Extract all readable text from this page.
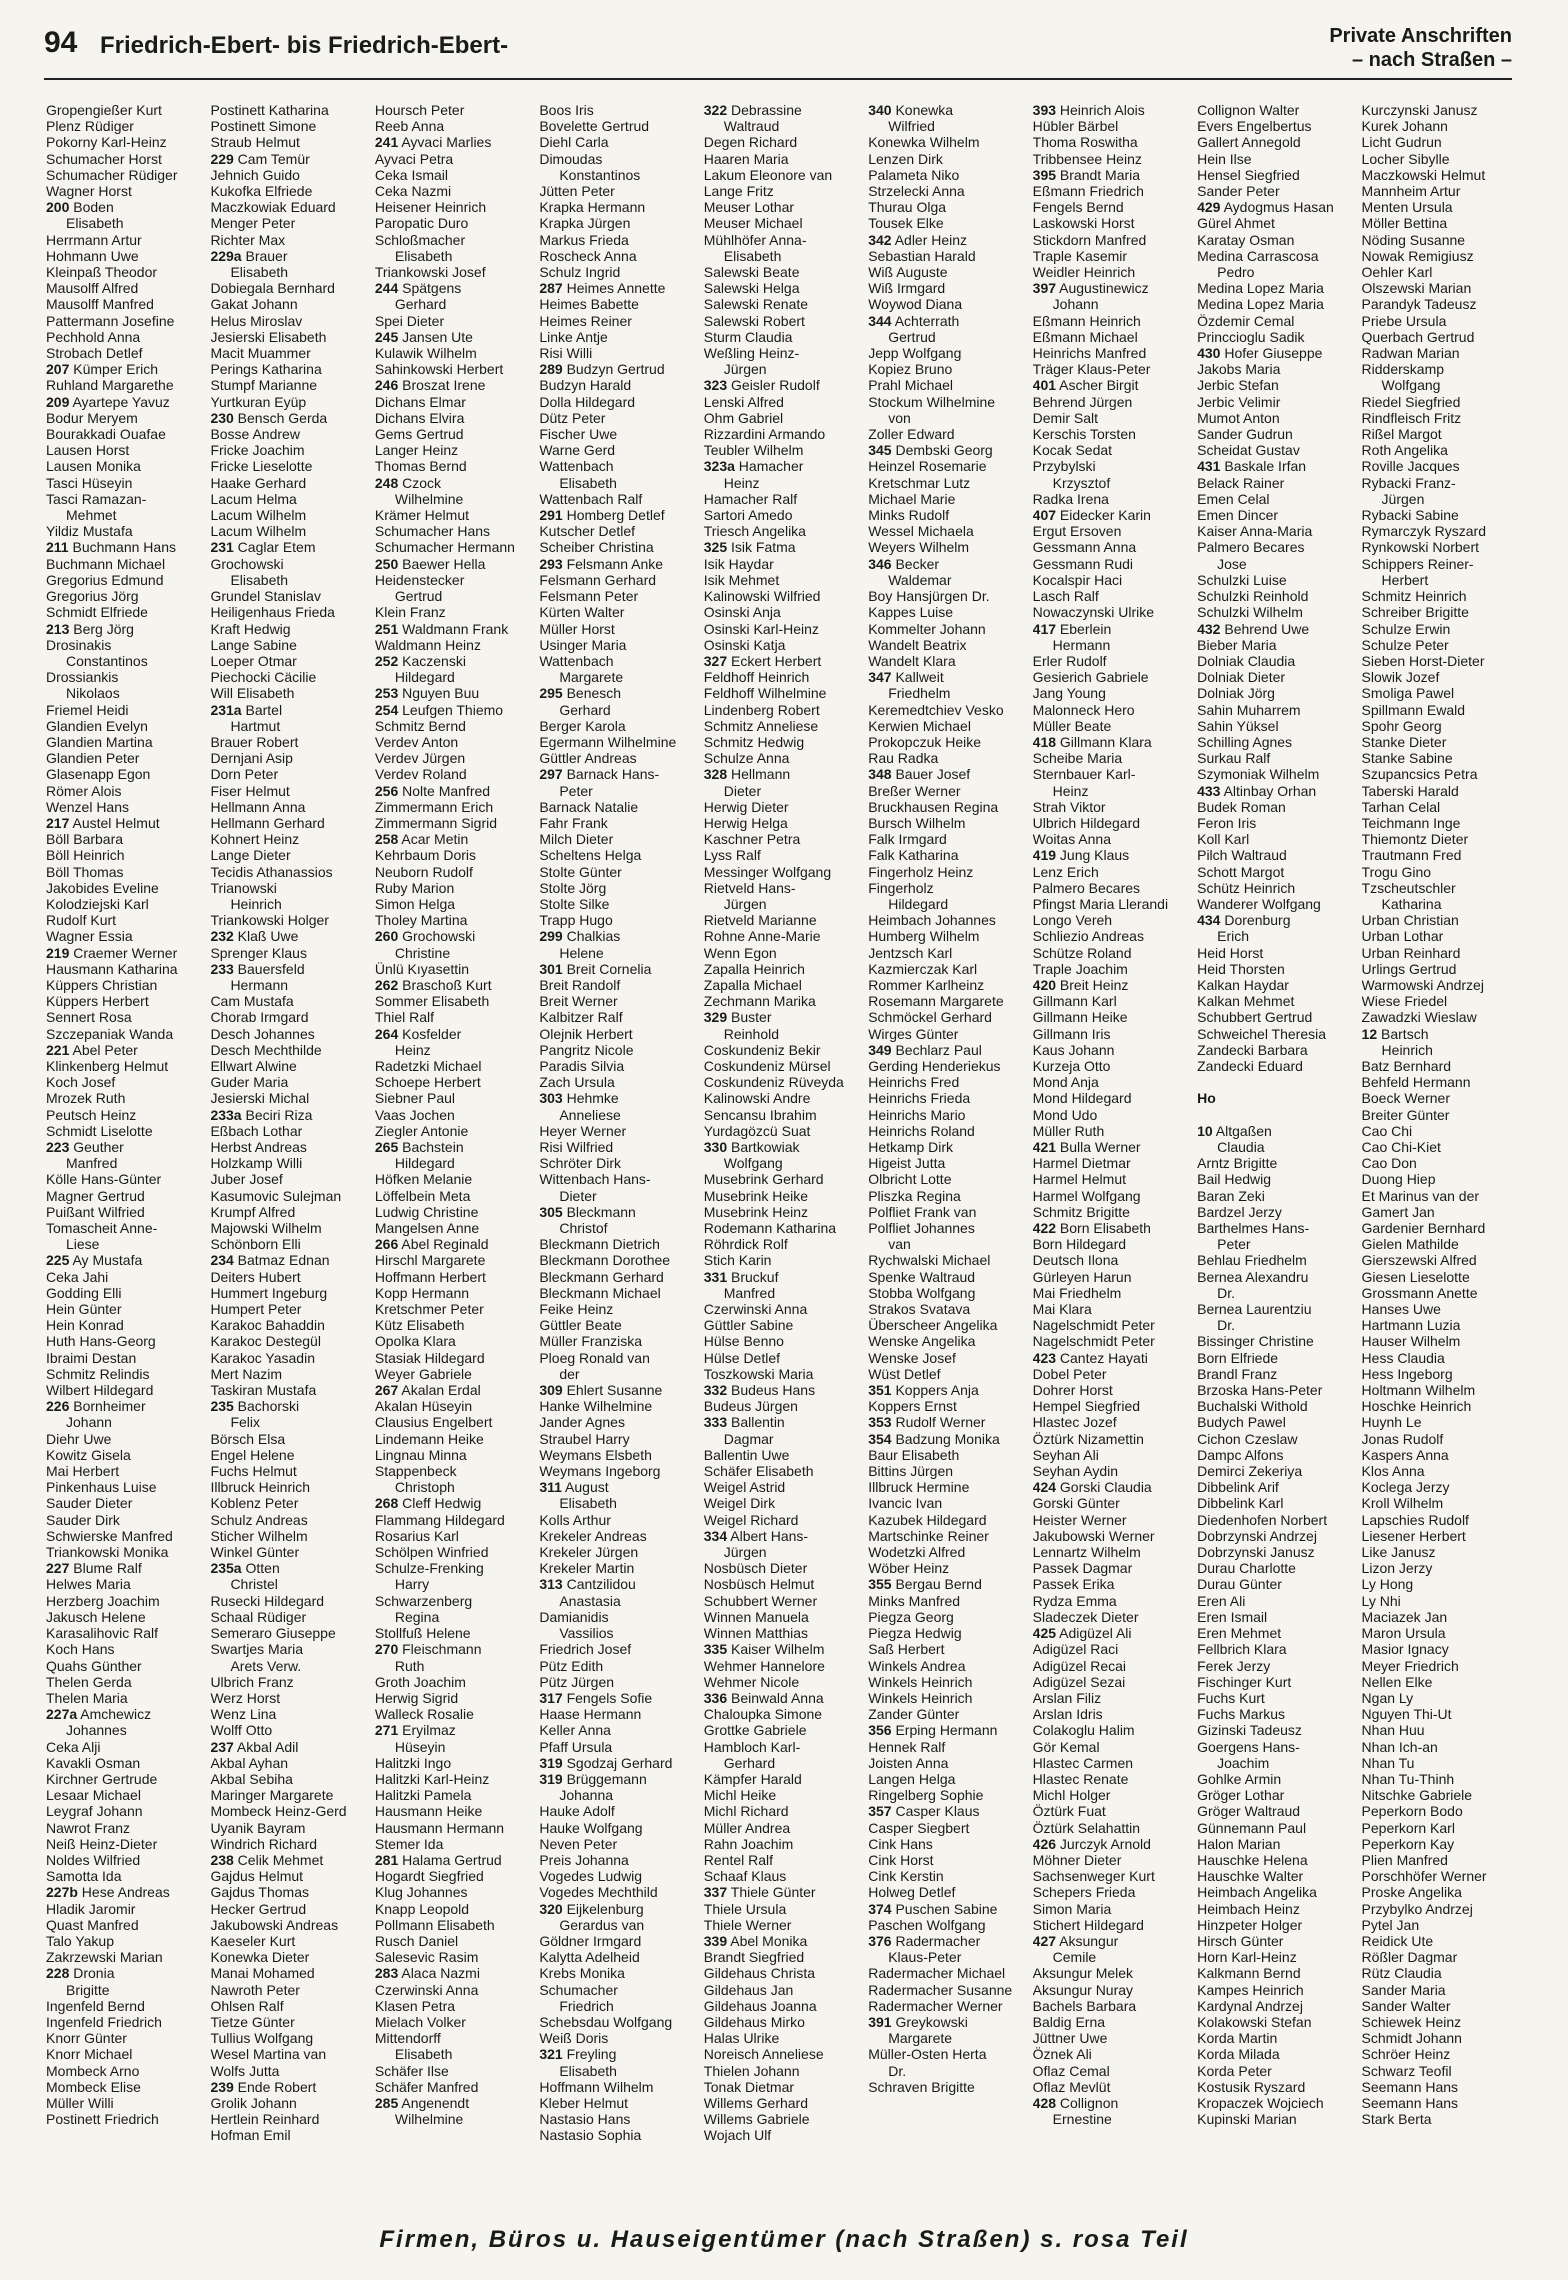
94 Friedrich-Ebert- bis Friedrich-Ebert-	Private Anschriften
– nach Straßen –
Gropengießer Kurt
Plenz Rüdiger
Pokorny Karl-Heinz
Schumacher Horst
Schumacher Rüdiger
Wagner Horst
200 Boden
Elisabeth
Herrmann Artur
Hohmann Uwe
Kleinpaß Theodor
Mausolff Alfred
Mausolff Manfred
Pattermann Josefine
Pechhold Anna
Strobach Detlef
207 Kümper Erich
Ruhland Margarethe
209 Ayartepe Yavuz
Bodur Meryem
Bourakkadi Ouafae
Lausen Horst
Lausen Monika
Tasci Hüseyin
Tasci Ramazan-
Mehmet
Yildiz Mustafa
211 Buchmann Hans
Buchmann Michael
Gregorius Edmund
Gregorius Jörg
Schmidt Elfriede
213 Berg Jörg
Drosinakis
Constantinos
Drossiankis
Nikolaos
Friemel Heidi
Glandien Evelyn
Glandien Martina
Glandien Peter
Glasenapp Egon
Römer Alois
Wenzel Hans
217 Austel Helmut
Böll Barbara
Böll Heinrich
Böll Thomas
Jakobides Eveline
Kolodziejski Karl
Rudolf Kurt
Wagner Essia
219 Craemer Werner
Hausmann Katharina
Küppers Christian
Küppers Herbert
Sennert Rosa
Szczepaniak Wanda
221 Abel Peter
Klinkenberg Helmut
Koch Josef
Mrozek Ruth
Peutsch Heinz
Schmidt Liselotte
223 Geuther
Manfred
Kölle Hans-Günter
Magner Gertrud
Puißant Wilfried
Tomascheit Anne-
Liese
225 Ay Mustafa
Ceka Jahi
Godding Elli
Hein Günter
Hein Konrad
Huth Hans-Georg
Ibraimi Destan
Schmitz Relindis
Wilbert Hildegard
226 Bornheimer
Johann
Diehr Uwe
Kowitz Gisela
Mai Herbert
Pinkenhaus Luise
Sauder Dieter
Sauder Dirk
Schwierske Manfred
Triankowski Monika
227 Blume Ralf
Helwes Maria
Herzberg Joachim
Jakusch Helene
Karasalihovic Ralf
Koch Hans
Quahs Günther
Thelen Gerda
Thelen Maria
227a Amchewicz
Johannes
Ceka Alji
Kavakli Osman
Kirchner Gertrude
Lesaar Michael
Leygraf Johann
Nawrot Franz
Neiß Heinz-Dieter
Noldes Wilfried
Samotta Ida
227b Hese Andreas
Hladik Jaromir
Quast Manfred
Talo Yakup
Zakrzewski Marian
228 Dronia
Brigitte
Ingenfeld Bernd
Ingenfeld Friedrich
Knorr Günter
Knorr Michael
Mombeck Arno
Mombeck Elise
Müller Willi
Postinett Friedrich
Postinett Katharina
Postinett Simone
Straub Helmut
229 Cam Temür
Jehnich Guido
Kukofka Elfriede
Maczkowiak Eduard
Menger Peter
Richter Max
229a Brauer
Elisabeth
Dobiegala Bernhard
Gakat Johann
Helus Miroslav
Jesierski Elisabeth
Macit Muammer
Perings Katharina
Stumpf Marianne
Yurtkuran Eyüp
230 Bensch Gerda
Bosse Andrew
Fricke Joachim
Fricke Lieselotte
Haake Gerhard
Lacum Helma
Lacum Wilhelm
Lacum Wilhelm
231 Caglar Etem
Grochowski
Elisabeth
Grundel Stanislav
Heiligenhaus Frieda
Kraft Hedwig
Lange Sabine
Loeper Otmar
Piechocki Cäcilie
Will Elisabeth
231a Bartel
Hartmut
Brauer Robert
Dernjani Asip
Dorn Peter
Fiser Helmut
Hellmann Anna
Hellmann Gerhard
Kohnert Heinz
Lange Dieter
Tecidis Athanassios
Trianowski
Heinrich
Triankowski Holger
232 Klaß Uwe
Sprenger Klaus
233 Bauersfeld
Hermann
Cam Mustafa
Chorab Irmgard
Desch Johannes
Desch Mechthilde
Ellwart Alwine
Guder Maria
Jesierski Michal
233a Beciri Riza
Eßbach Lothar
Herbst Andreas
Holzkamp Willi
Juber Josef
Kasumovic Sulejman
Krumpf Alfred
Majowski Wilhelm
Schönborn Elli
234 Batmaz Ednan
Deiters Hubert
Hummert Ingeburg
Humpert Peter
Karakoc Bahaddin
Karakoc Destegül
Karakoc Yasadin
Mert Nazim
Taskiran Mustafa
235 Bachorski
Felix
Börsch Elsa
Engel Helene
Fuchs Helmut
Illbruck Heinrich
Koblenz Peter
Schulz Andreas
Sticher Wilhelm
Winkel Günter
235a Otten
Christel
Rusecki Hildegard
Schaal Rüdiger
Semeraro Giuseppe
Swartjes Maria
Arets Verw.
Ulbrich Franz
Werz Horst
Wenz Lina
Wolff Otto
237 Akbal Adil
Akbal Ayhan
Akbal Sebiha
Maringer Margarete
Mombeck Heinz-Gerd
Uyanik Bayram
Windrich Richard
238 Celik Mehmet
Gajdus Helmut
Gajdus Thomas
Hecker Gertrud
Jakubowski Andreas
Kaeseler Kurt
Konewka Dieter
Manai Mohamed
Nawroth Peter
Ohlsen Ralf
Tietze Günter
Tullius Wolfgang
Wesel Martina van
Wolfs Jutta
239 Ende Robert
Grolik Johann
Hertlein Reinhard
Hofman Emil
Hoursch Peter
Reeb Anna
241 Ayvaci Marlies
Ayvaci Petra
Ceka Ismail
Ceka Nazmi
Heisener Heinrich
Paropatic Duro
Schloßmacher
Elisabeth
Triankowski Josef
244 Spätgens
Gerhard
Spei Dieter
245 Jansen Ute
Kulawik Wilhelm
Sahinkowski Herbert
246 Broszat Irene
Dichans Elmar
Dichans Elvira
Gems Gertrud
Langer Heinz
Thomas Bernd
248 Czock
Wilhelmine
Krämer Helmut
Schumacher Hans
Schumacher Hermann
250 Baewer Hella
Heidenstecker
Gertrud
Klein Franz
251 Waldmann Frank
Waldmann Heinz
252 Kaczenski
Hildegard
253 Nguyen Buu
254 Leufgen Thiemo
Schmitz Bernd
Verdev Anton
Verdev Jürgen
Verdev Roland
256 Nolte Manfred
Zimmermann Erich
Zimmermann Sigrid
258 Acar Metin
Kehrbaum Doris
Neuborn Rudolf
Ruby Marion
Simon Helga
Tholey Martina
260 Grochowski
Christine
Ünlü Kıyasettin
262 Braschoß Kurt
Sommer Elisabeth
Thiel Ralf
264 Kosfelder
Heinz
Radetzki Michael
Schoepe Herbert
Siebner Paul
Vaas Jochen
Ziegler Antonie
265 Bachstein
Hildegard
Höfken Melanie
Löffelbein Meta
Ludwig Christine
Mangelsen Anne
266 Abel Reginald
Hirschl Margarete
Hoffmann Herbert
Kopp Hermann
Kretschmer Peter
Kütz Elisabeth
Opolka Klara
Stasiak Hildegard
Weyer Gabriele
267 Akalan Erdal
Akalan Hüseyin
Clausius Engelbert
Lindemann Heike
Lingnau Minna
Stappenbeck
Christoph
268 Cleff Hedwig
Flammang Hildegard
Rosarius Karl
Schölpen Winfried
Schulze-Frenking
Harry
Schwarzenberg
Regina
Stollfuß Helene
270 Fleischmann
Ruth
Groth Joachim
Herwig Sigrid
Walleck Rosalie
271 Eryilmaz
Hüseyin
Halitzki Ingo
Halitzki Karl-Heinz
Halitzki Pamela
Hausmann Heike
Hausmann Hermann
Stemer Ida
281 Halama Gertrud
Hogardt Siegfried
Klug Johannes
Knapp Leopold
Pollmann Elisabeth
Rusch Daniel
Salesevic Rasim
283 Alaca Nazmi
Czerwinski Anna
Klasen Petra
Mielach Volker
Mittendorff
Elisabeth
Schäfer Ilse
Schäfer Manfred
285 Angenendt
Wilhelmine
Boos Iris
Bovelette Gertrud
Diehl Carla
Dimoudas
Konstantinos
Jütten Peter
Krapka Hermann
Krapka Jürgen
Markus Frieda
Roscheck Anna
Schulz Ingrid
287 Heimes Annette
Heimes Babette
Heimes Reiner
Linke Antje
Risi Willi
289 Budzyn Gertrud
Budzyn Harald
Dolla Hildegard
Dütz Peter
Fischer Uwe
Warne Gerd
Wattenbach
Elisabeth
Wattenbach Ralf
291 Homberg Detlef
Kutscher Detlef
Scheiber Christina
293 Felsmann Anke
Felsmann Gerhard
Felsmann Peter
Kürten Walter
Müller Horst
Usinger Maria
Wattenbach
Margarete
295 Benesch
Gerhard
Berger Karola
Egermann Wilhelmine
Güttler Andreas
297 Barnack Hans-
Peter
Barnack Natalie
Fahr Frank
Milch Dieter
Scheltens Helga
Stolte Günter
Stolte Jörg
Stolte Silke
Trapp Hugo
299 Chalkias
Helene
301 Breit Cornelia
Breit Randolf
Breit Werner
Kalbitzer Ralf
Olejnik Herbert
Pangritz Nicole
Paradis Silvia
Zach Ursula
303 Hehmke
Anneliese
Heyer Werner
Risi Wilfried
Schröter Dirk
Wittenbach Hans-
Dieter
305 Bleckmann
Christof
Bleckmann Dietrich
Bleckmann Dorothee
Bleckmann Gerhard
Bleckmann Michael
Feike Heinz
Güttler Beate
Müller Franziska
Ploeg Ronald van
der
309 Ehlert Susanne
Hanke Wilhelmine
Jander Agnes
Straubel Harry
Weymans Elsbeth
Weymans Ingeborg
311 August
Elisabeth
Kolls Arthur
Krekeler Andreas
Krekeler Jürgen
Krekeler Martin
313 Cantzilidou
Anastasia
Damianidis
Vassilios
Friedrich Josef
Pütz Edith
Pütz Jürgen
317 Fengels Sofie
Haase Hermann
Keller Anna
Pfaff Ursula
319 Sgodzaj Gerhard
319 Brüggemann
Johanna
Hauke Adolf
Hauke Wolfgang
Neven Peter
Preis Johanna
Vogedes Ludwig
Vogedes Mechthild
320 Eijkelenburg
Gerardus van
Göldner Irmgard
Kalytta Adelheid
Krebs Monika
Schumacher
Friedrich
Schebsdau Wolfgang
Weiß Doris
321 Freyling
Elisabeth
Hoffmann Wilhelm
Kleber Helmut
Nastasio Hans
Nastasio Sophia
322 Debrassine
Waltraud
Degen Richard
Haaren Maria
Lakum Eleonore van
Lange Fritz
Meuser Lothar
Meuser Michael
Mühlhöfer Anna-
Elisabeth
Salewski Beate
Salewski Helga
Salewski Renate
Salewski Robert
Sturm Claudia
Weßling Heinz-
Jürgen
323 Geisler Rudolf
Lenski Alfred
Ohm Gabriel
Rizzardini Armando
Teubler Wilhelm
323a Hamacher
Heinz
Hamacher Ralf
Sartori Amedo
Triesch Angelika
325 Isik Fatma
Isik Haydar
Isik Mehmet
Kalinowski Wilfried
Osinski Anja
Osinski Karl-Heinz
Osinski Katja
327 Eckert Herbert
Feldhoff Heinrich
Feldhoff Wilhelmine
Lindenberg Robert
Schmitz Anneliese
Schmitz Hedwig
Schulze Anna
328 Hellmann
Dieter
Herwig Dieter
Herwig Helga
Kaschner Petra
Lyss Ralf
Messinger Wolfgang
Rietveld Hans-
Jürgen
Rietveld Marianne
Rohne Anne-Marie
Wenn Egon
Zapalla Heinrich
Zapalla Michael
Zechmann Marika
329 Buster
Reinhold
Coskundeniz Bekir
Coskundeniz Mürsel
Coskundeniz Rüveyda
Kalinowski Andre
Sencansu Ibrahim
Yurdagözcü Suat
330 Bartkowiak
Wolfgang
Musebrink Gerhard
Musebrink Heike
Musebrink Heinz
Rodemann Katharina
Röhrdick Rolf
Stich Karin
331 Bruckuf
Manfred
Czerwinski Anna
Güttler Sabine
Hülse Benno
Hülse Detlef
Toszkowski Maria
332 Budeus Hans
Budeus Jürgen
333 Ballentin
Dagmar
Ballentin Uwe
Schäfer Elisabeth
Weigel Astrid
Weigel Dirk
Weigel Richard
334 Albert Hans-
Jürgen
Nosbüsch Dieter
Nosbüsch Helmut
Schubbert Werner
Winnen Manuela
Winnen Matthias
335 Kaiser Wilhelm
Wehmer Hannelore
Wehmer Nicole
336 Beinwald Anna
Chaloupka Simone
Grottke Gabriele
Hambloch Karl-
Gerhard
Kämpfer Harald
Michl Heike
Michl Richard
Müller Andrea
Rahn Joachim
Rentel Ralf
Schaaf Klaus
337 Thiele Günter
Thiele Ursula
Thiele Werner
339 Abel Monika
Brandt Siegfried
Gildehaus Christa
Gildehaus Jan
Gildehaus Joanna
Gildehaus Mirko
Halas Ulrike
Noreisch Anneliese
Thielen Johann
Tonak Dietmar
Willems Gerhard
Willems Gabriele
Wojach Ulf
340 Konewka
Wilfried
Konewka Wilhelm
Lenzen Dirk
Palameta Niko
Strzelecki Anna
Thurau Olga
Tousek Elke
342 Adler Heinz
Sebastian Harald
Wiß Auguste
Wiß Irmgard
Woywod Diana
344 Achterrath
Gertrud
Jepp Wolfgang
Kopiez Bruno
Prahl Michael
Stockum Wilhelmine
von
Zoller Edward
345 Dembski Georg
Heinzel Rosemarie
Kretschmar Lutz
Michael Marie
Minks Rudolf
Wessel Michaela
Weyers Wilhelm
346 Becker
Waldemar
Boy Hansjürgen Dr.
Kappes Luise
Kommelter Johann
Wandelt Beatrix
Wandelt Klara
347 Kallweit
Friedhelm
Keremedtchiev Vesko
Kerwien Michael
Prokopczuk Heike
Rau Radka
348 Bauer Josef
Breßer Werner
Bruckhausen Regina
Bursch Wilhelm
Falk Irmgard
Falk Katharina
Fingerholz Heinz
Fingerholz
Hildegard
Heimbach Johannes
Humberg Wilhelm
Jentzsch Karl
Kazmierczak Karl
Rommer Karlheinz
Rosemann Margarete
Schmöckel Gerhard
Wirges Günter
349 Bechlarz Paul
Gerding Henderiekus
Heinrichs Fred
Heinrichs Frieda
Heinrichs Mario
Heinrichs Roland
Hetkamp Dirk
Higeist Jutta
Olbricht Lotte
Pliszka Regina
Polfliet Frank van
Polfliet Johannes
van
Rychwalski Michael
Spenke Waltraud
Stobba Wolfgang
Strakos Svatava
Überscheer Angelika
Wenske Angelika
Wenske Josef
Wüst Detlef
351 Koppers Anja
Koppers Ernst
353 Rudolf Werner
354 Badzung Monika
Baur Elisabeth
Bittins Jürgen
Illbruck Hermine
Ivancic Ivan
Kazubek Hildegard
Martschinke Reiner
Wodetzki Alfred
Wöber Heinz
355 Bergau Bernd
Minks Manfred
Piegza Georg
Piegza Hedwig
Saß Herbert
Winkels Andrea
Winkels Heinrich
Winkels Heinrich
Zander Günter
356 Erping Hermann
Hennek Ralf
Joisten Anna
Langen Helga
Ringelberg Sophie
357 Casper Klaus
Casper Siegbert
Cink Hans
Cink Horst
Cink Kerstin
Holweg Detlef
374 Puschen Sabine
Paschen Wolfgang
376 Radermacher
Klaus-Peter
Radermacher Michael
Radermacher Susanne
Radermacher Werner
391 Greykowski
Margarete
Müller-Osten Herta
Dr.
Schraven Brigitte
393 Heinrich Alois
Hübler Bärbel
Thoma Roswitha
Tribbensee Heinz
395 Brandt Maria
Eßmann Friedrich
Fengels Bernd
Laskowski Horst
Stickdorn Manfred
Traple Kasemir
Weidler Heinrich
397 Augustinewicz
Johann
Eßmann Heinrich
Eßmann Michael
Heinrichs Manfred
Träger Klaus-Peter
401 Ascher Birgit
Behrend Jürgen
Demir Salt
Kerschis Torsten
Kocak Sedat
Przybylski
Krzysztof
Radka Irena
407 Eidecker Karin
Ergut Ersoven
Gessmann Anna
Gessmann Rudi
Kocalspir Haci
Lasch Ralf
Nowaczynski Ulrike
417 Eberlein
Hermann
Erler Rudolf
Gesierich Gabriele
Jang Young
Malonneck Hero
Müller Beate
418 Gillmann Klara
Scheibe Maria
Sternbauer Karl-
Heinz
Strah Viktor
Ulbrich Hildegard
Woitas Anna
419 Jung Klaus
Lenz Erich
Palmero Becares
Pfingst Maria Llerandi
Longo Vereh
Schliezio Andreas
Schütze Roland
Traple Joachim
420 Breit Heinz
Gillmann Karl
Gillmann Heike
Gillmann Iris
Kaus Johann
Kurzeja Otto
Mond Anja
Mond Hildegard
Mond Udo
Müller Ruth
421 Bulla Werner
Harmel Dietmar
Harmel Helmut
Harmel Wolfgang
Schmitz Brigitte
422 Born Elisabeth
Born Hildegard
Deutsch Ilona
Gürleyen Harun
Mai Friedhelm
Mai Klara
Nagelschmidt Peter
Nagelschmidt Peter
423 Cantez Hayati
Dobel Peter
Dohrer Horst
Hempel Siegfried
Hlastec Jozef
Öztürk Nizamettin
Seyhan Ali
Seyhan Aydin
424 Gorski Claudia
Gorski Günter
Heister Werner
Jakubowski Werner
Lennartz Wilhelm
Passek Dagmar
Passek Erika
Rydza Emma
Sladeczek Dieter
425 Adigüzel Ali
Adigüzel Raci
Adigüzel Recai
Adigüzel Sezai
Arslan Filiz
Arslan Idris
Colakoglu Halim
Gör Kemal
Hlastec Carmen
Hlastec Renate
Michl Holger
Öztürk Fuat
Öztürk Selahattin
426 Jurczyk Arnold
Möhner Dieter
Sachsenweger Kurt
Schepers Frieda
Simon Maria
Stichert Hildegard
427 Aksungur
Cemile
Aksungur Melek
Aksungur Nuray
Bachels Barbara
Baldig Erna
Jüttner Uwe
Öznek Ali
Oflaz Cemal
Oflaz Mevlüt
428 Collignon
Ernestine
Collignon Walter
Evers Engelbertus
Gallert Annegold
Hein Ilse
Hensel Siegfried
Sander Peter
429 Aydogmus Hasan
Gürel Ahmet
Karatay Osman
Medina Carrascosa
Pedro
Medina Lopez Maria
Medina Lopez Maria
Özdemir Cemal
Princcioglu Sadik
430 Hofer Giuseppe
Jakobs Maria
Jerbic Stefan
Jerbic Velimir
Mumot Anton
Sander Gudrun
Scheidat Gustav
431 Baskale Irfan
Belack Rainer
Emen Celal
Emen Dincer
Kaiser Anna-Maria
Palmero Becares
Jose
Schulzki Luise
Schulzki Reinhold
Schulzki Wilhelm
432 Behrend Uwe
Bieber Maria
Dolniak Claudia
Dolniak Dieter
Dolniak Jörg
Sahin Muharrem
Sahin Yüksel
Schilling Agnes
Surkau Ralf
Szymoniak Wilhelm
433 Altinbay Orhan
Budek Roman
Feron Iris
Koll Karl
Pilch Waltraud
Schott Margot
Schütz Heinrich
Wanderer Wolfgang
434 Dorenburg
Erich
Heid Horst
Heid Thorsten
Kalkan Haydar
Kalkan Mehmet
Schubbert Gertrud
Schweichel Theresia
Zandecki Barbara
Zandecki Eduard

Ho

10 Altgaßen
Claudia
Arntz Brigitte
Bail Hedwig
Baran Zeki
Bardzel Jerzy
Barthelmes Hans-
Peter
Behlau Friedhelm
Bernea Alexandru
Dr.
Bernea Laurentziu
Dr.
Bissinger Christine
Born Elfriede
Brandl Franz
Brzoska Hans-Peter
Buchalski Withold
Budych Pawel
Cichon Czeslaw
Dampc Alfons
Demirci Zekeriya
Dibbelink Arif
Dibbelink Karl
Diedenhofen Norbert
Dobrzynski Andrzej
Dobrzynski Janusz
Durau Charlotte
Durau Günter
Eren Ali
Eren Ismail
Eren Mehmet
Fellbrich Klara
Ferek Jerzy
Fischinger Kurt
Fuchs Kurt
Fuchs Markus
Gizinski Tadeusz
Goergens Hans-
Joachim
Gohlke Armin
Gröger Lothar
Gröger Waltraud
Günnemann Paul
Halon Marian
Hauschke Helena
Hauschke Walter
Heimbach Angelika
Heimbach Heinz
Hinzpeter Holger
Hirsch Günter
Horn Karl-Heinz
Kalkmann Bernd
Kampes Heinrich
Kardynal Andrzej
Kolakowski Stefan
Korda Martin
Korda Milada
Korda Peter
Kostusik Ryszard
Kropaczek Wojciech
Kupinski Marian
Kurczynski Janusz
Kurek Johann
Licht Gudrun
Locher Sibylle
Maczkowski Helmut
Mannheim Artur
Menten Ursula
Möller Bettina
Nöding Susanne
Nowak Remigiusz
Oehler Karl
Olszewski Marian
Parandyk Tadeusz
Priebe Ursula
Querbach Gertrud
Radwan Marian
Ridderskamp
Wolfgang
Riedel Siegfried
Rindfleisch Fritz
Rißel Margot
Roth Angelika
Roville Jacques
Rybacki Franz-
Jürgen
Rybacki Sabine
Rymarczyk Ryszard
Rynkowski Norbert
Schippers Reiner-
Herbert
Schmitz Heinrich
Schreiber Brigitte
Schulze Erwin
Schulze Peter
Sieben Horst-Dieter
Slowik Jozef
Smoliga Pawel
Spillmann Ewald
Spohr Georg
Stanke Dieter
Stanke Sabine
Szupancsics Petra
Taberski Harald
Tarhan Celal
Teichmann Inge
Thiemontz Dieter
Trautmann Fred
Trogu Gino
Tzscheutschler
Katharina
Urban Christian
Urban Lothar
Urban Reinhard
Urlings Gertrud
Warmowski Andrzej
Wiese Friedel
Zawadzki Wieslaw
12 Bartsch
Heinrich
Batz Bernhard
Behfeld Hermann
Boeck Werner
Breiter Günter
Cao Chi
Cao Chi-Kiet
Cao Don
Duong Hiep
Et Marinus van der
Gamert Jan
Gardenier Bernhard
Gielen Mathilde
Gierszewski Alfred
Giesen Lieselotte
Grossmann Anette
Hanses Uwe
Hartmann Luzia
Hauser Wilhelm
Hess Claudia
Hess Ingeborg
Holtmann Wilhelm
Hoschke Heinrich
Huynh Le
Jonas Rudolf
Kaspers Anna
Klos Anna
Koclega Jerzy
Kroll Wilhelm
Lapschies Rudolf
Liesener Herbert
Like Janusz
Lizon Jerzy
Ly Hong
Ly Nhi
Maciazek Jan
Maron Ursula
Masior Ignacy
Meyer Friedrich
Nellen Elke
Ngan Ly
Nguyen Thi-Ut
Nhan Huu
Nhan Ich-an
Nhan Tu
Nhan Tu-Thinh
Nitschke Gabriele
Peperkorn Bodo
Peperkorn Karl
Peperkorn Kay
Plien Manfred
Porschhöfer Werner
Proske Angelika
Przybylko Andrzej
Pytel Jan
Reidick Ute
Rößler Dagmar
Rütz Claudia
Sander Maria
Sander Walter
Schiewek Heinz
Schmidt Johann
Schröer Heinz
Schwarz Teofil
Seemann Hans
Seemann Hans
Stark Berta
Firmen, Büros u. Hauseigentümer (nach Straßen) s. rosa Teil
